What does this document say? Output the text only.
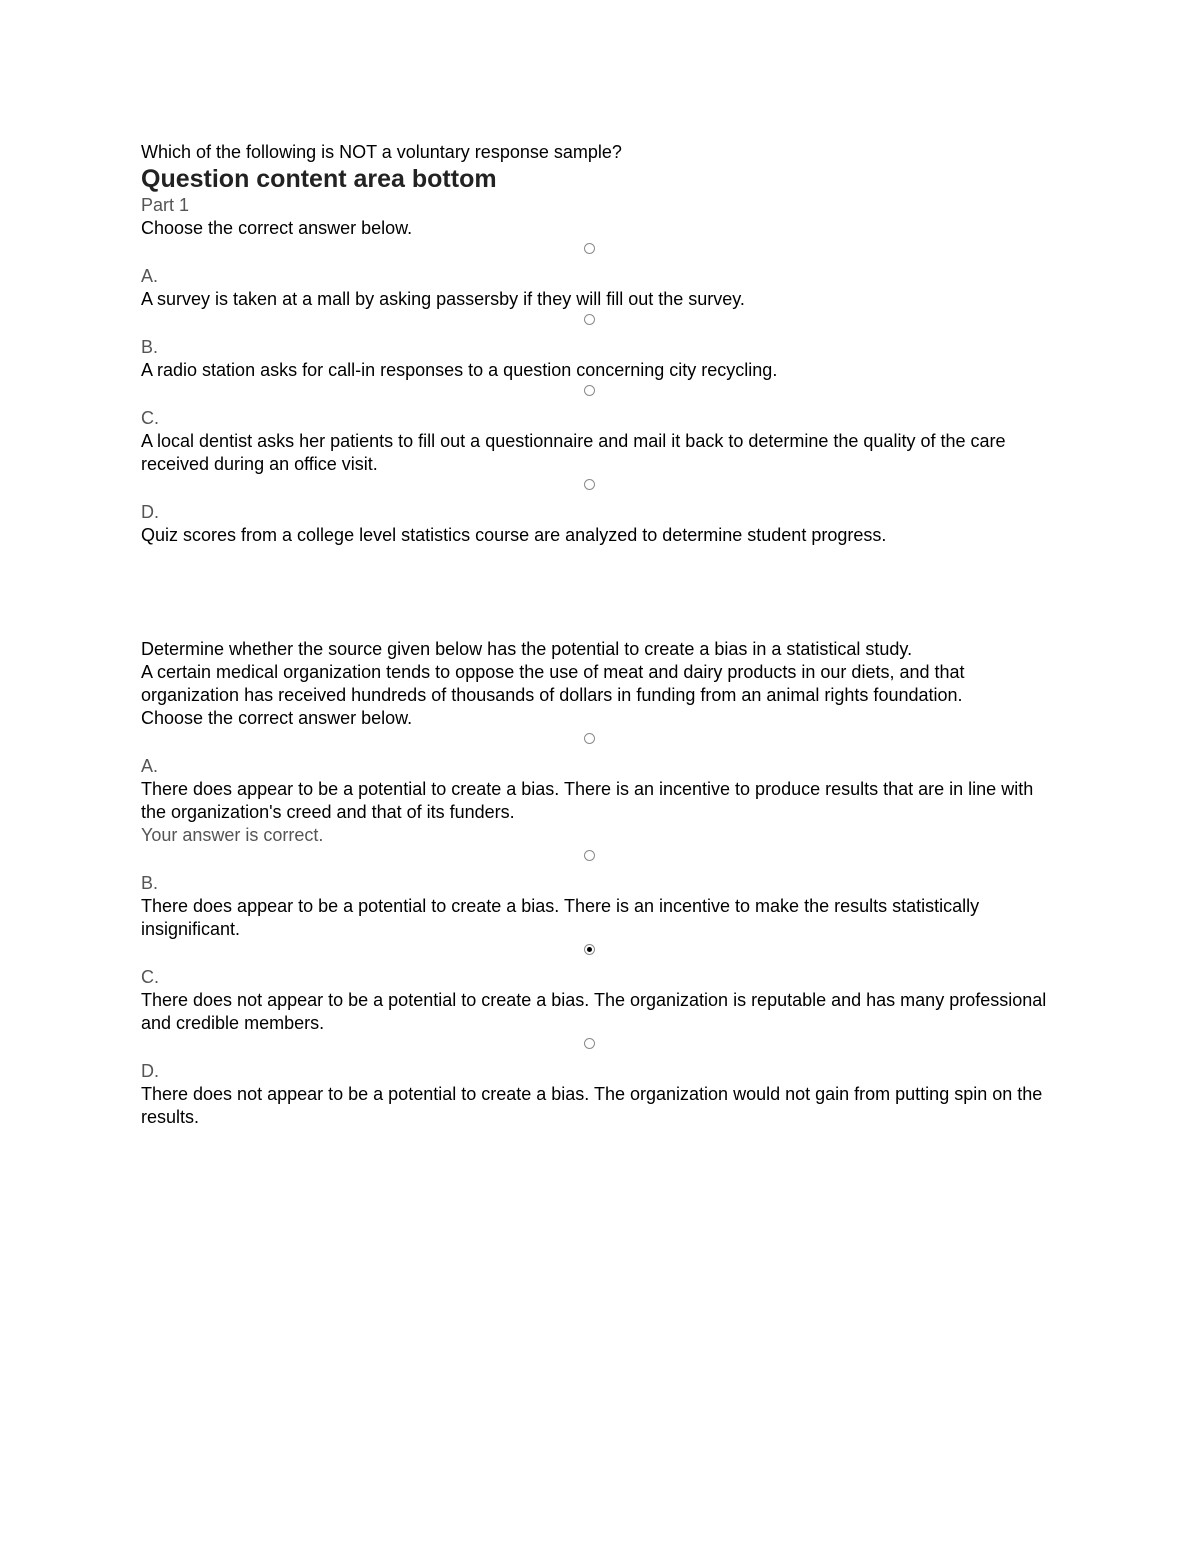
Which of the following is NOT a voluntary response sample?

Question content area bottom

Part 1

Choose the correct answer below.

A.

A survey is taken at a mall by asking passersby if they will fill out the survey.

B.

A radio station asks for call-in responses to a question concerning city recycling.

C.

A local dentist asks her patients to fill out a questionnaire and mail it back to determine the quality of the care received during an office visit.

D.

Quiz scores from a college level statistics course are analyzed to determine student progress.

Determine whether the source given below has the potential to create a bias in a statistical study.

A certain medical organization tends to oppose the use of meat and dairy products in our diets, and that organization has received hundreds of thousands of dollars in funding from an animal rights foundation.

Choose the correct answer below.

A.

There does appear to be a potential to create a bias. There is an incentive to produce results that are in line with the organization's creed and that of its funders.

Your answer is correct.

B.

There does appear to be a potential to create a bias. There is an incentive to make the results statistically insignificant.

C.

There does not appear to be a potential to create a bias. The organization is reputable and has many professional and credible members.

D.

There does not appear to be a potential to create a bias. The organization would not gain from putting spin on the results.
